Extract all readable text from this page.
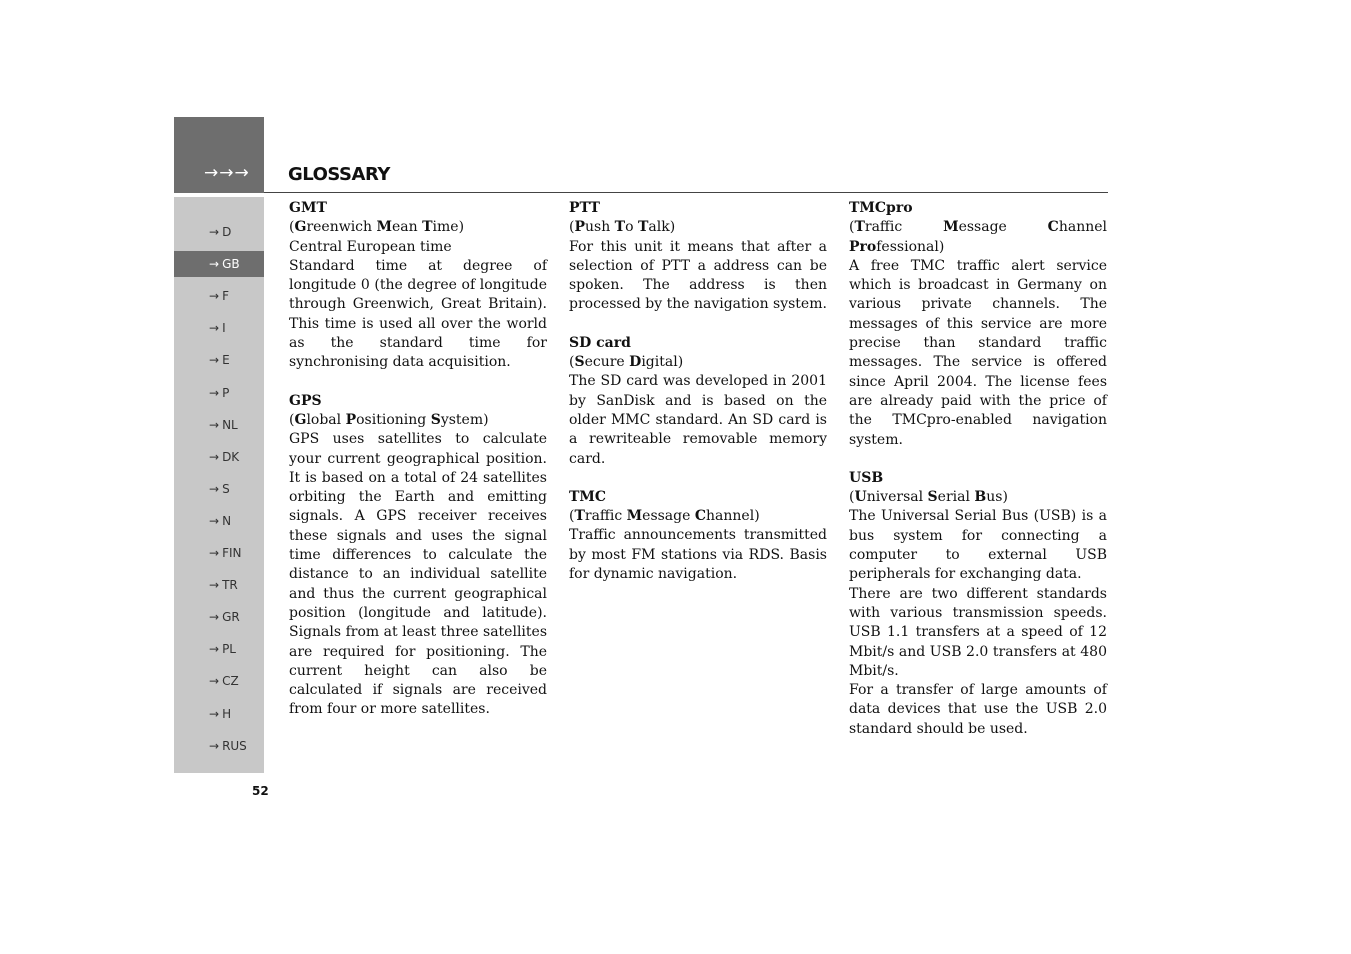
→→→ GLOSSARY
→ D
→ GB
→ F
→ I
→ E
→ P
→ NL
→ DK
→ S
→ N
→ FIN
→ TR
→ GR
→ PL
→ CZ
→ H
→ RUS
52
GMT
(Greenwich Mean Time)

Central European time

Standard time at degree of longitude 0 (the degree of longitude through Greenwich, Great Britain). This time is used all over the world as the standard time for synchronising data acquisition.

GPS
(Global Positioning System)

GPS uses satellites to calculate your current geographical position. It is based on a total of 24 satellites orbiting the Earth and emitting signals. A GPS receiver receives these signals and uses the signal time differences to calculate the distance to an individual satellite and thus the current geographical position (longitude and latitude). Signals from at least three satellites are required for positioning. The current height can also be calculated if signals are received from four or more satellites.

PTT
(Push To Talk)

For this unit it means that after a selection of PTT a address can be spoken. The address is then processed by the navigation system.

SD card
(Secure Digital)

The SD card was developed in 2001 by SanDisk and is based on the older MMC standard. An SD card is a rewriteable removable memory card.

TMC
(Traffic Message Channel)

Traffic announcements transmitted by most FM stations via RDS. Basis for dynamic navigation.

TMCpro
(Traffic	Message	Channel Professional)

A free TMC traffic alert service which is broadcast in Germany on various private channels. The messages of this service are more precise than standard traffic messages. The service is offered since April 2004. The license fees are already paid with the price of the TMCpro-enabled navigation system.

USB
(Universal Serial Bus)

The Universal Serial Bus (USB) is a bus system for connecting a computer to external USB peripherals for exchanging data.

There are two different standards with various transmission speeds. USB 1.1 transfers at a speed of 12 Mbit/s and USB 2.0 transfers at 480 Mbit/s.

For a transfer of large amounts of data devices that use the USB 2.0 standard should be used.
